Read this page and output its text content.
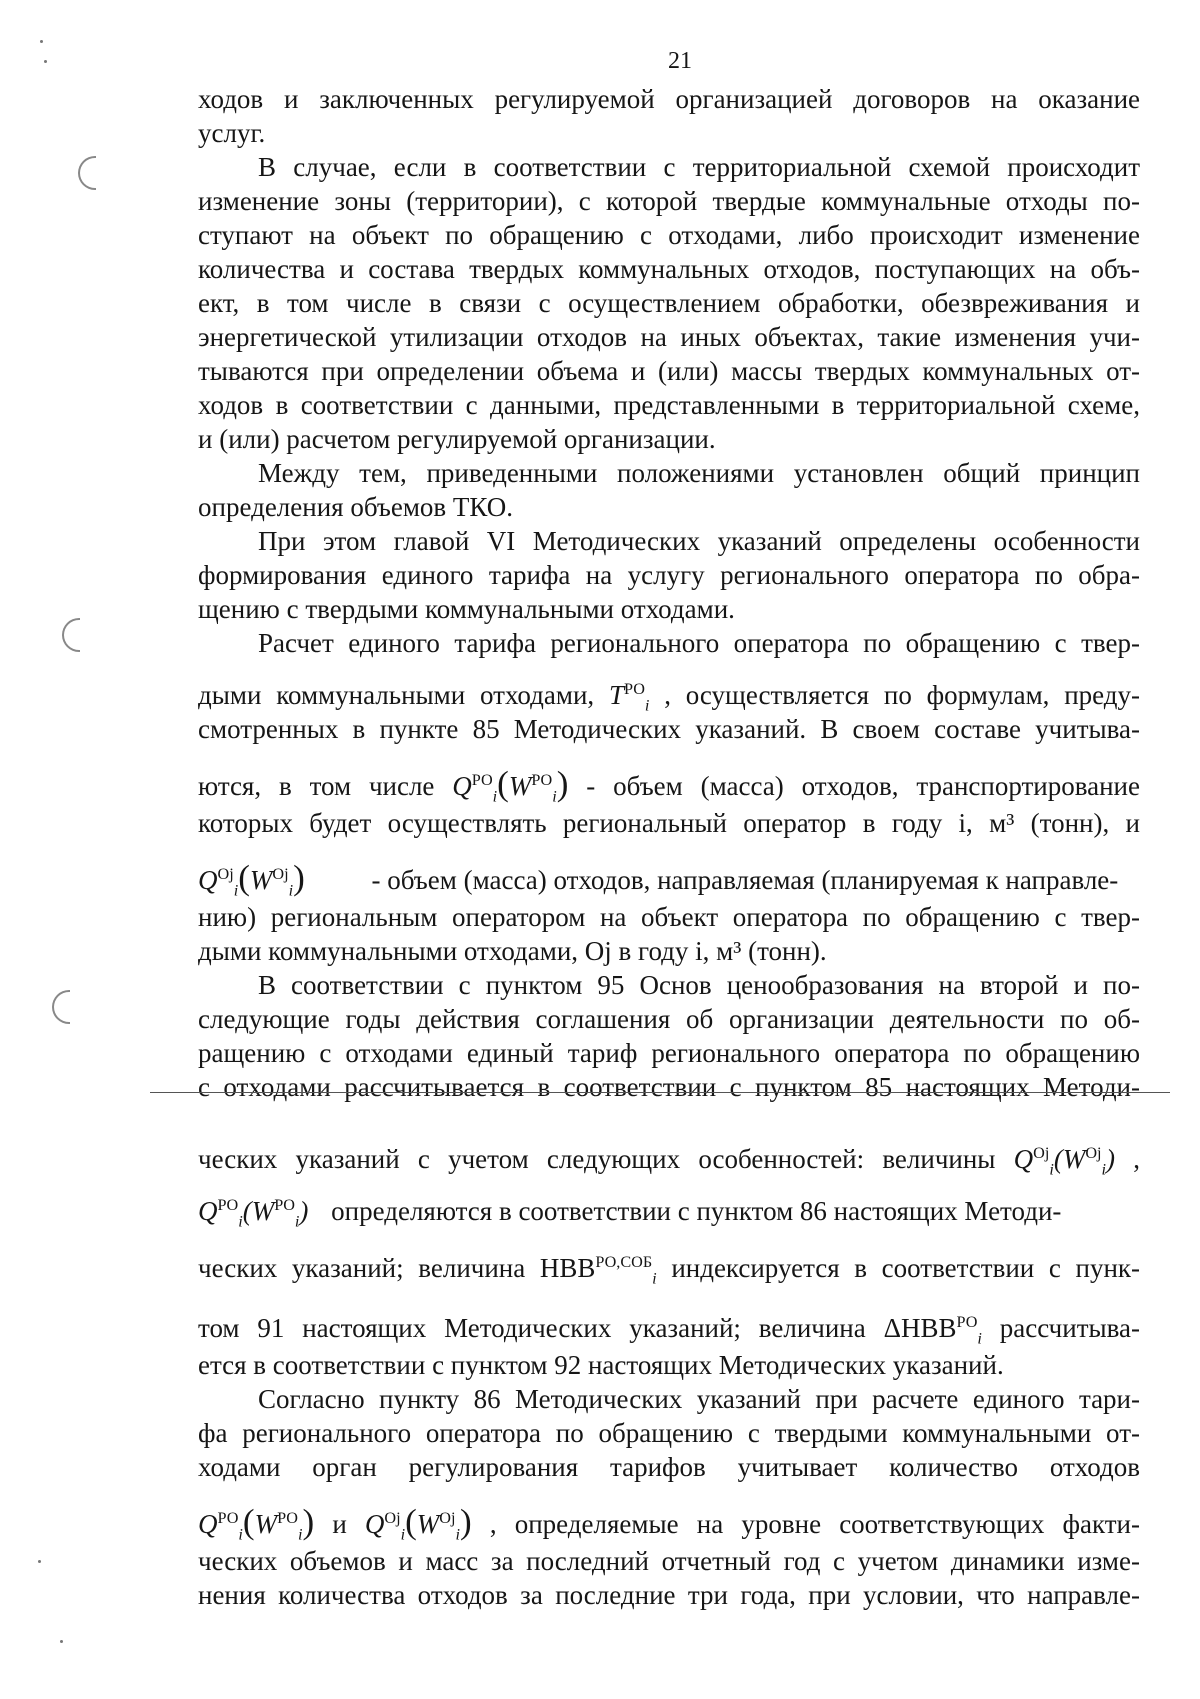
21
ходов и заключенных регулируемой организацией договоров на оказание
услуг.
В случае, если в соответствии с территориальной схемой происходит
изменение зоны (территории), с которой твердые коммунальные отходы по-
ступают на объект по обращению с отходами, либо происходит изменение
количества и состава твердых коммунальных отходов, поступающих на объ-
ект, в том числе в связи с осуществлением обработки, обезвреживания и
энергетической утилизации отходов на иных объектах, такие изменения учи-
тываются при определении объема и (или) массы твердых коммунальных от-
ходов в соответствии с данными, представленными в территориальной схеме,
и (или) расчетом регулируемой организации.
Между тем, приведенными положениями установлен общий принцип
определения объемов ТКО.
При этом главой VI Методических указаний определены особенности
формирования единого тарифа на услугу регионального оператора по обра-
щению с твердыми коммунальными отходами.
Расчет единого тарифа регионального оператора по обращению с твер-
дыми коммунальными отходами, $T^{РО}_i$ , осуществляется по формулам, преду-
смотренных в пункте 85 Методических указаний. В своем составе учитыва-
ются, в том числе $Q^{РО}_i(W^{РО}_i)$ - объем (масса) отходов, транспортирование
которых будет осуществлять региональный оператор в году i, м³ (тонн), и
$Q^{Oj}_i(W^{Oj}_i)$ - объем (масса) отходов, направляемая (планируемая к направле-
нию) региональным оператором на объект оператора по обращению с твер-
дыми коммунальными отходами, Oj в году i, м³ (тонн).
В соответствии с пунктом 95 Основ ценообразования на второй и по-
следующие годы действия соглашения об организации деятельности по об-
ращению с отходами единый тариф регионального оператора по обращению
с отходами рассчитывается в соответствии с пунктом 85 настоящих Методи-
ческих указаний с учетом следующих особенностей: величины $Q^{Oj}_i(W^{Oj}_i)$ ,
$Q^{PO}_i(W^{PO}_i)$ определяются в соответствии с пунктом 86 настоящих Методи-
ческих указаний; величина $НВВ^{РО,СОБ}_i$ индексируется в соответствии с пунк-
том 91 настоящих Методических указаний; величина $\Delta НВВ^{РО}_i$ рассчитыва-
ется в соответствии с пунктом 92 настоящих Методических указаний.
Согласно пункту 86 Методических указаний при расчете единого тари-
фа регионального оператора по обращению с твердыми коммунальными от-
ходами орган регулирования тарифов учитывает количество отходов
$Q^{РО}_i(W^{РО}_i)$ и $Q^{Oj}_i(W^{Oj}_i)$ , определяемые на уровне соответствующих факти-
ческих объемов и масс за последний отчетный год с учетом динамики изме-
нения количества отходов за последние три года, при условии, что направле-
